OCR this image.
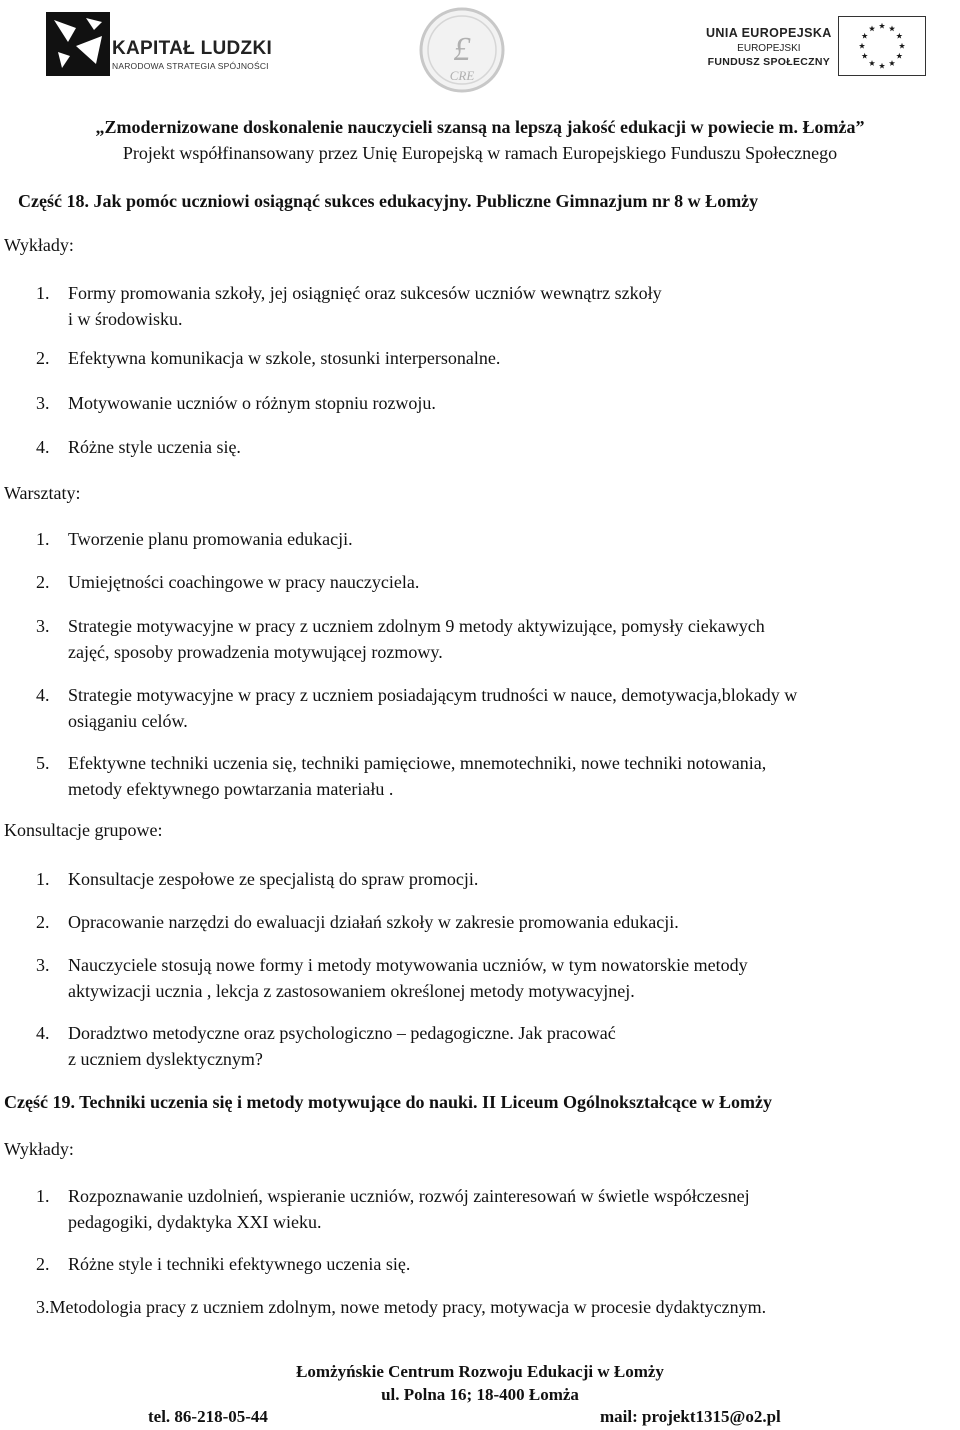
KAPITAŁ LUDZKI
NARODOWA STRATEGIA SPÓJNOŚCI	£
CRE
UNIA EUROPEJSKA
EUROPEJSKI
FUNDUSZ SPOŁECZNY
„Zmodernizowane doskonalenie nauczycieli szansą na lepszą jakość edukacji w powiecie m. Łomża”
Projekt współfinansowany przez Unię Europejską w ramach Europejskiego Funduszu Społecznego
Część 18. Jak pomóc uczniowi osiągnąć sukces edukacyjny. Publiczne Gimnazjum nr 8 w Łomży
Wykłady:
1. Formy promowania szkoły, jej osiągnięć oraz sukcesów uczniów wewnątrz szkoły
i w środowisku.
2. Efektywna komunikacja w szkole, stosunki interpersonalne.
3. Motywowanie uczniów o różnym stopniu rozwoju.
4. Różne style uczenia się.
Warsztaty:
1. Tworzenie planu promowania edukacji.
2. Umiejętności coachingowe w pracy nauczyciela.
3. Strategie motywacyjne w pracy z uczniem zdolnym 9 metody aktywizujące, pomysły ciekawych
zajęć, sposoby prowadzenia motywującej rozmowy.
4. Strategie motywacyjne w pracy z uczniem posiadającym trudności w nauce, demotywacja,blokady w
osiąganiu celów.
5. Efektywne techniki uczenia się, techniki pamięciowe, mnemotechniki, nowe techniki notowania,
metody efektywnego powtarzania materiału .
Konsultacje grupowe:
1. Konsultacje zespołowe ze specjalistą do spraw promocji.
2. Opracowanie narzędzi do ewaluacji działań szkoły w zakresie promowania edukacji.
3. Nauczyciele stosują nowe formy i metody motywowania uczniów, w tym nowatorskie metody
aktywizacji ucznia , lekcja z zastosowaniem określonej metody motywacyjnej.
4. Doradztwo metodyczne oraz psychologiczno – pedagogiczne. Jak pracować
z uczniem dyslektycznym?
Część 19. Techniki uczenia się i metody motywujące do nauki. II Liceum Ogólnokształcące w Łomży
Wykłady:
1. Rozpoznawanie uzdolnień, wspieranie uczniów, rozwój zainteresowań w świetle współczesnej
pedagogiki, dydaktyka XXI wieku.
2. Różne style i techniki efektywnego uczenia się.
3.Metodologia pracy z uczniem zdolnym, nowe metody pracy, motywacja w procesie dydaktycznym.
Łomżyńskie Centrum Rozwoju Edukacji w Łomży
ul. Polna 16; 18-400 Łomża
tel. 86-218-05-44	mail: projekt1315@o2.pl
